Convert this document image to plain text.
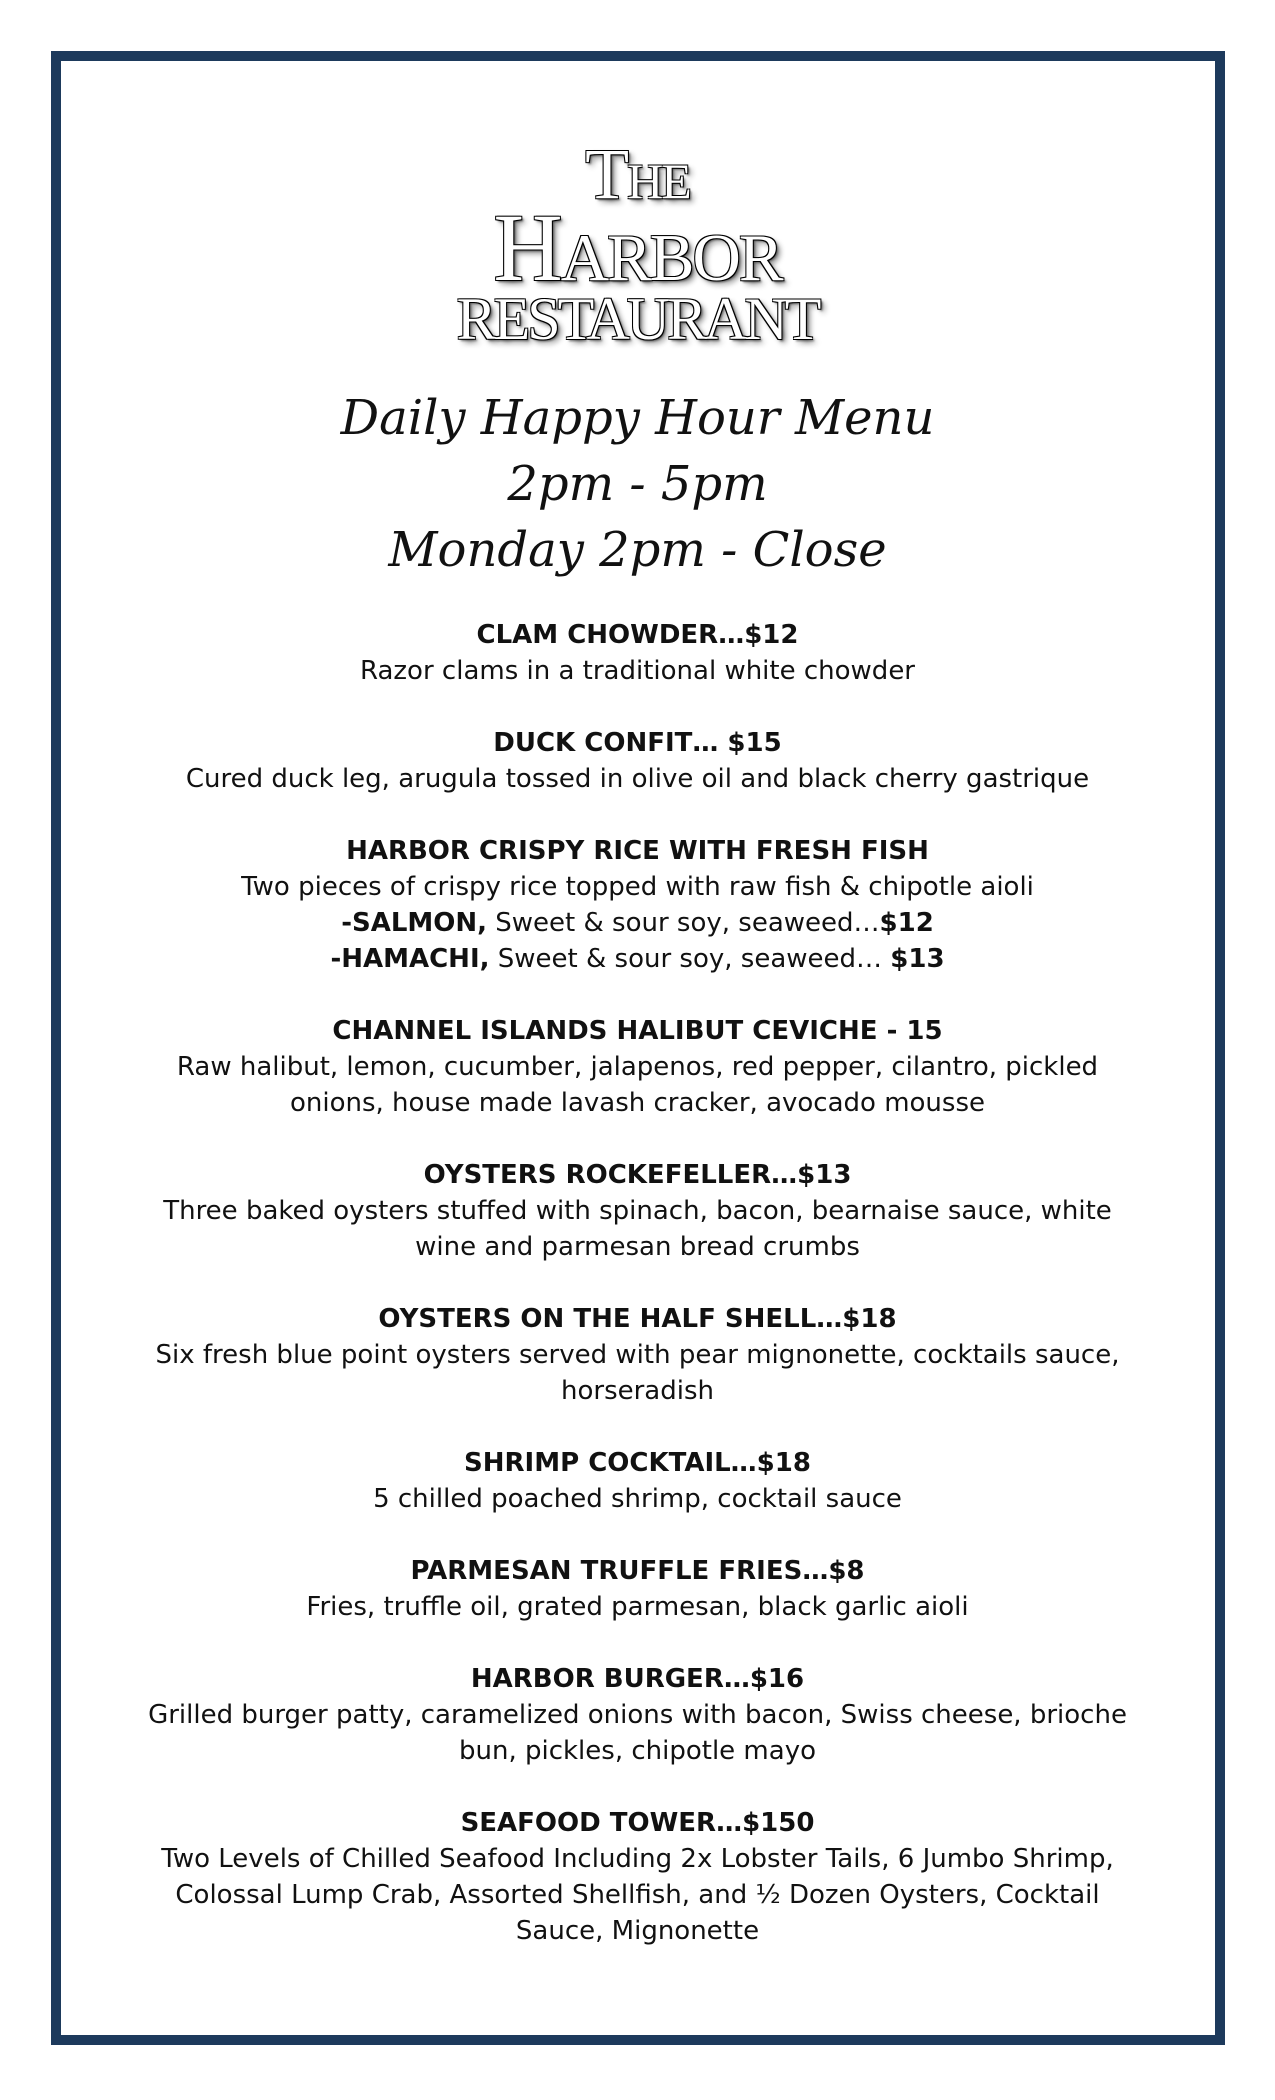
The
Harbor
RESTAURANT
Daily Happy Hour Menu
2pm - 5pm
Monday 2pm - Close

CLAM CHOWDER…$12

Razor clams in a traditional white chowder

DUCK CONFIT… $15

Cured duck leg, arugula tossed in olive oil and black cherry gastrique

HARBOR CRISPY RICE WITH FRESH FISH

Two pieces of crispy rice topped with raw fish & chipotle aioli

-SALMON, Sweet & sour soy, seaweed…$12

-HAMACHI, Sweet & sour soy, seaweed… $13

CHANNEL ISLANDS HALIBUT CEVICHE - 15

Raw halibut, lemon, cucumber, jalapenos, red pepper, cilantro, pickled onions, house made lavash cracker, avocado mousse

OYSTERS ROCKEFELLER…$13

Three baked oysters stuffed with spinach, bacon, bearnaise sauce, white wine and parmesan bread crumbs

OYSTERS ON THE HALF SHELL…$18

Six fresh blue point oysters served with pear mignonette, cocktails sauce, horseradish

SHRIMP COCKTAIL…$18

5 chilled poached shrimp, cocktail sauce

PARMESAN TRUFFLE FRIES…$8

Fries, truffle oil, grated parmesan, black garlic aioli

HARBOR BURGER…$16

Grilled burger patty, caramelized onions with bacon, Swiss cheese, brioche bun, pickles, chipotle mayo

SEAFOOD TOWER…$150

Two Levels of Chilled Seafood Including 2x Lobster Tails, 6 Jumbo Shrimp, Colossal Lump Crab, Assorted Shellfish, and ½ Dozen Oysters, Cocktail Sauce, Mignonette
